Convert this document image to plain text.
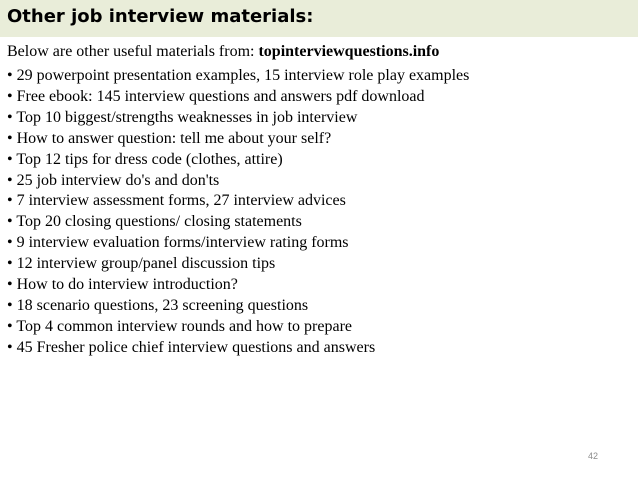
Other job interview materials:
Below are other useful materials from: topinterviewquestions.info
• 29 powerpoint presentation examples, 15 interview role play examples
• Free ebook: 145 interview questions and answers pdf download
• Top 10 biggest/strengths weaknesses in job interview
• How to answer question: tell me about your self?
• Top 12 tips for dress code (clothes, attire)
• 25 job interview do's and don'ts
• 7 interview assessment forms, 27 interview advices
• Top 20 closing questions/ closing statements
• 9 interview evaluation forms/interview rating forms
• 12 interview group/panel discussion tips
• How to do interview introduction?
• 18 scenario questions, 23 screening questions
• Top 4 common interview rounds and how to prepare
• 45 Fresher police chief interview questions and answers
42
